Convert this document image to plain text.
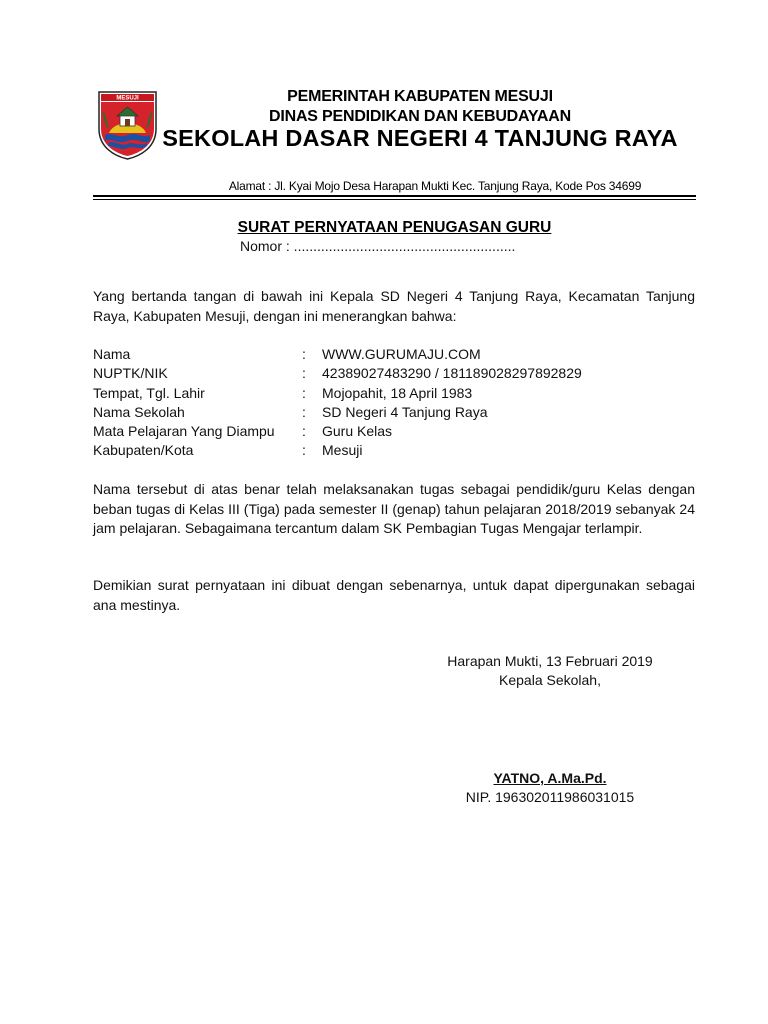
MESUJI	PEMERINTAH KABUPATEN MESUJI
DINAS PENDIDIKAN DAN KEBUDAYAAN
SEKOLAH DASAR NEGERI 4 TANJUNG RAYA
Alamat : Jl. Kyai Mojo Desa Harapan Mukti Kec. Tanjung Raya, Kode Pos 34699
SURAT PERNYATAAN PENUGASAN GURU
Nomor : .........................................................
Yang bertanda tangan di bawah ini Kepala SD Negeri 4 Tanjung Raya, Kecamatan Tanjung Raya, Kabupaten Mesuji, dengan ini menerangkan bahwa:
Nama	: WWW.GURUMAJU.COM
NUPTK/NIK	: 42389027483290 / 181189028297892829
Tempat, Tgl. Lahir	: Mojopahit, 18 April 1983
Nama Sekolah	: SD Negeri 4 Tanjung Raya
Mata Pelajaran Yang Diampu : Guru Kelas
Kabupaten/Kota	: Mesuji
Nama tersebut di atas benar telah melaksanakan tugas sebagai pendidik/guru Kelas dengan beban tugas di Kelas III (Tiga) pada semester II (genap) tahun pelajaran 2018/2019 sebanyak 24 jam pelajaran. Sebagaimana tercantum dalam SK Pembagian Tugas Mengajar terlampir.
Demikian surat pernyataan ini dibuat dengan sebenarnya, untuk dapat dipergunakan sebagai ana mestinya.
Harapan Mukti, 13 Februari 2019
Kepala Sekolah,
YATNO, A.Ma.Pd.
NIP. 196302011986031015
